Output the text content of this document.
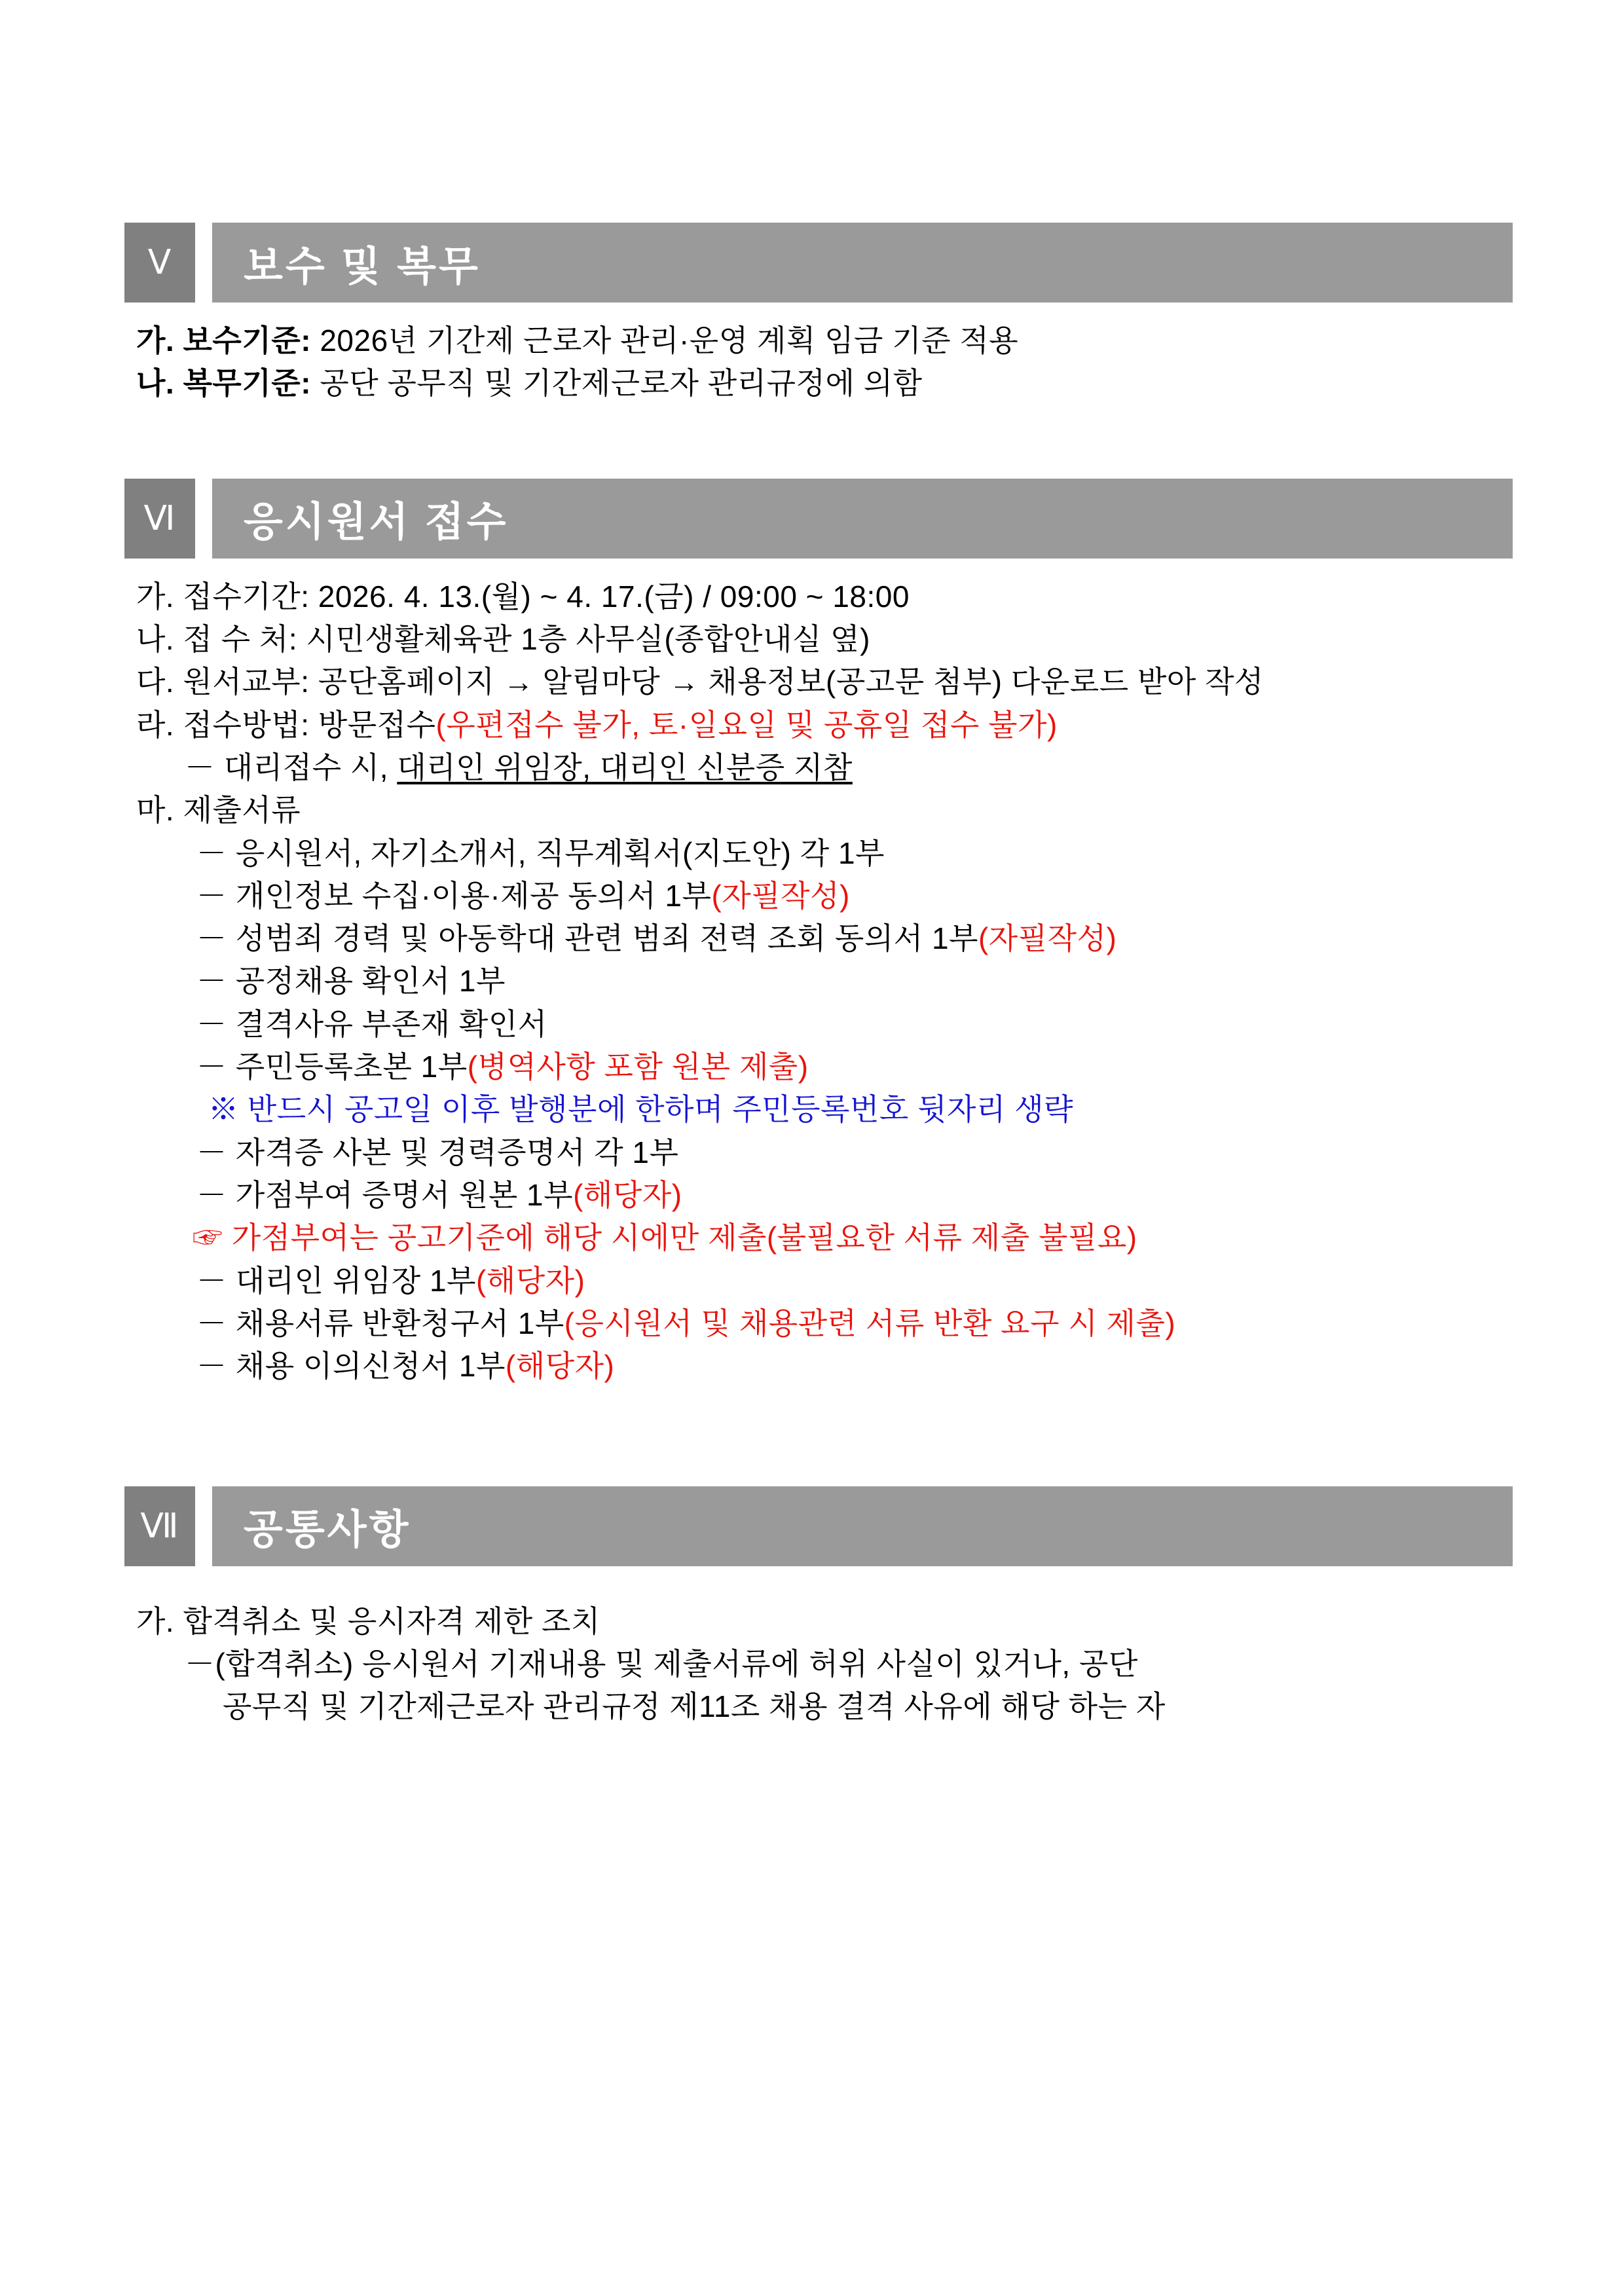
Ⅴ	보수 및 복무
가. 보수기준: 2026년 기간제 근로자 관리·운영 계획 임금 기준 적용
나. 복무기준: 공단 공무직 및 기간제근로자 관리규정에 의함
Ⅵ	응시원서 접수
가. 접수기간: 2026. 4. 13.(월) ~ 4. 17.(금) / 09:00 ~ 18:00
나. 접 수 처: 시민생활체육관 1층 사무실(종합안내실 옆)
다. 원서교부: 공단홈페이지 → 알림마당 → 채용정보(공고문 첨부) 다운로드 받아 작성
라. 접수방법: 방문접수(우편접수 불가, 토·일요일 및 공휴일 접수 불가)
－ 대리접수 시, 대리인 위임장, 대리인 신분증 지참
마. 제출서류
－ 응시원서, 자기소개서, 직무계획서(지도안) 각 1부
－ 개인정보 수집·이용·제공 동의서 1부(자필작성)
－ 성범죄 경력 및 아동학대 관련 범죄 전력 조회 동의서 1부(자필작성)
－ 공정채용 확인서 1부
－ 결격사유 부존재 확인서
－ 주민등록초본 1부(병역사항 포함 원본 제출)
※ 반드시 공고일 이후 발행분에 한하며 주민등록번호 뒷자리 생략
－ 자격증 사본 및 경력증명서 각 1부
－ 가점부여 증명서 원본 1부(해당자)
☞ 가점부여는 공고기준에 해당 시에만 제출(불필요한 서류 제출 불필요)
－ 대리인 위임장 1부(해당자)
－ 채용서류 반환청구서 1부(응시원서 및 채용관련 서류 반환 요구 시 제출)
－ 채용 이의신청서 1부(해당자)
Ⅶ	공통사항
가. 합격취소 및 응시자격 제한 조치
－(합격취소) 응시원서 기재내용 및 제출서류에 허위 사실이 있거나, 공단
공무직 및 기간제근로자 관리규정 제11조 채용 결격 사유에 해당 하는 자
